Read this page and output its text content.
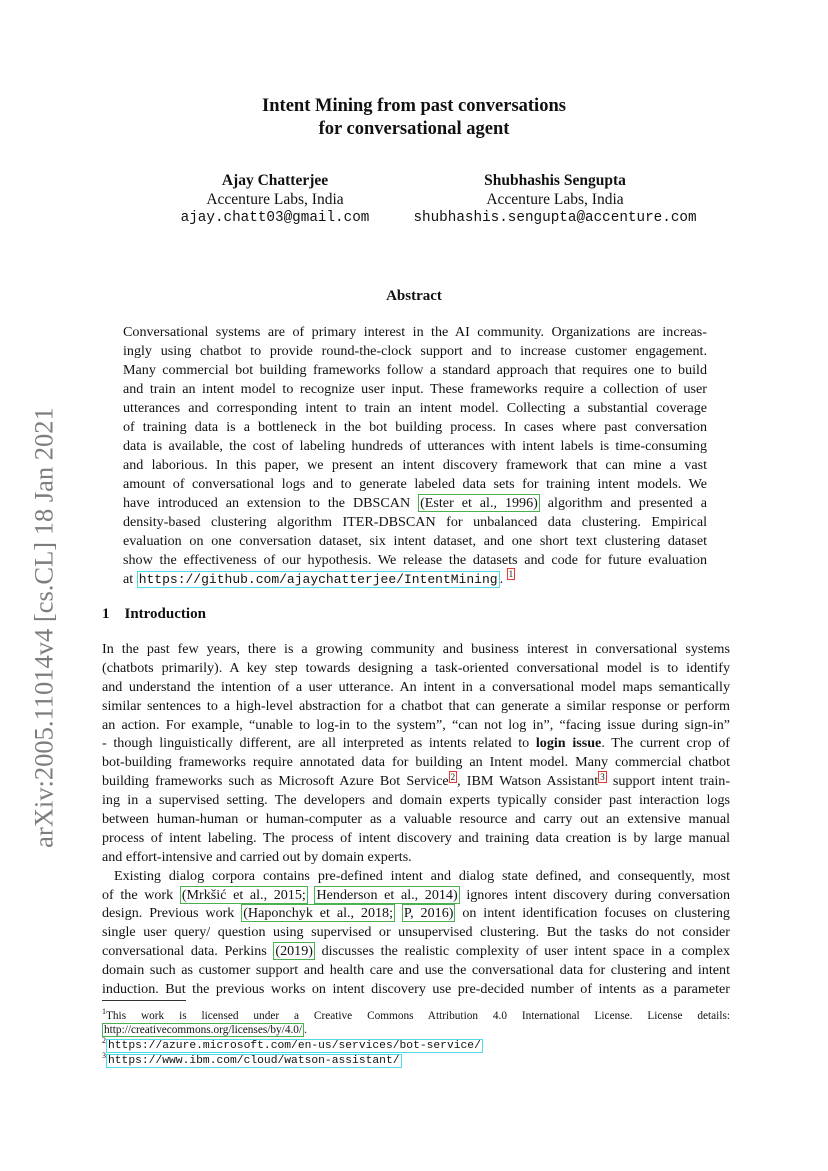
arXiv:2005.11014v4 [cs.CL] 18 Jan 2021
Intent Mining from past conversations
for conversational agent
Ajay Chatterjee
Accenture Labs, India
ajay.chatt03@gmail.com
Shubhashis Sengupta
Accenture Labs, India
shubhashis.sengupta@accenture.com
Abstract
Conversational systems are of primary interest in the AI community. Organizations are increas-
ingly using chatbot to provide round-the-clock support and to increase customer engagement.
Many commercial bot building frameworks follow a standard approach that requires one to build
and train an intent model to recognize user input. These frameworks require a collection of user
utterances and corresponding intent to train an intent model. Collecting a substantial coverage
of training data is a bottleneck in the bot building process. In cases where past conversation
data is available, the cost of labeling hundreds of utterances with intent labels is time-consuming
and laborious. In this paper, we present an intent discovery framework that can mine a vast
amount of conversational logs and to generate labeled data sets for training intent models. We
have introduced an extension to the DBSCAN (Ester et al., 1996) algorithm and presented a
density-based clustering algorithm ITER-DBSCAN for unbalanced data clustering. Empirical
evaluation on one conversation dataset, six intent dataset, and one short text clustering dataset
show the effectiveness of our hypothesis. We release the datasets and code for future evaluation
at https://github.com/ajaychatterjee/IntentMining . $^1$
1 Introduction
In the past few years, there is a growing community and business interest in conversational systems
(chatbots primarily). A key step towards designing a task-oriented conversational model is to identify
and understand the intention of a user utterance. An intent in a conversational model maps semantically
similar sentences to a high-level abstraction for a chatbot that can generate a similar response or perform
an action. For example, “unable to log-in to the system”, “can not log in”, “facing issue during sign-in”
- though linguistically different, are all interpreted as intents related to login issue. The current crop of
bot-building frameworks require annotated data for building an Intent model. Many commercial chatbot
building frameworks such as Microsoft Azure Bot Service $^2$ , IBM Watson Assistant $^3$ support intent train-
ing in a supervised setting. The developers and domain experts typically consider past interaction logs
between human-human or human-computer as a valuable resource and carry out an extensive manual
process of intent labeling. The process of intent discovery and training data creation is by large manual
and effort-intensive and carried out by domain experts.
Existing dialog corpora contains pre-defined intent and dialog state defined, and consequently, most
of the work (Mrkšić et al., 2015; Henderson et al., 2014) ignores intent discovery during conversation
design. Previous work (Haponchyk et al., 2018; P, 2016) on intent identification focuses on clustering
single user query/ question using supervised or unsupervised clustering. But the tasks do not consider
conversational data. Perkins (2019) discusses the realistic complexity of user intent space in a complex
domain such as customer support and health care and use the conversational data for clustering and intent
induction. But the previous works on intent discovery use pre-decided number of intents as a parameter
$^1$This work is licensed under a Creative Commons Attribution 4.0 International License. License details: http://creativecommons.org/licenses/by/4.0/ .
$^2$ https://azure.microsoft.com/en-us/services/bot-service/
$^3$ https://www.ibm.com/cloud/watson-assistant/
